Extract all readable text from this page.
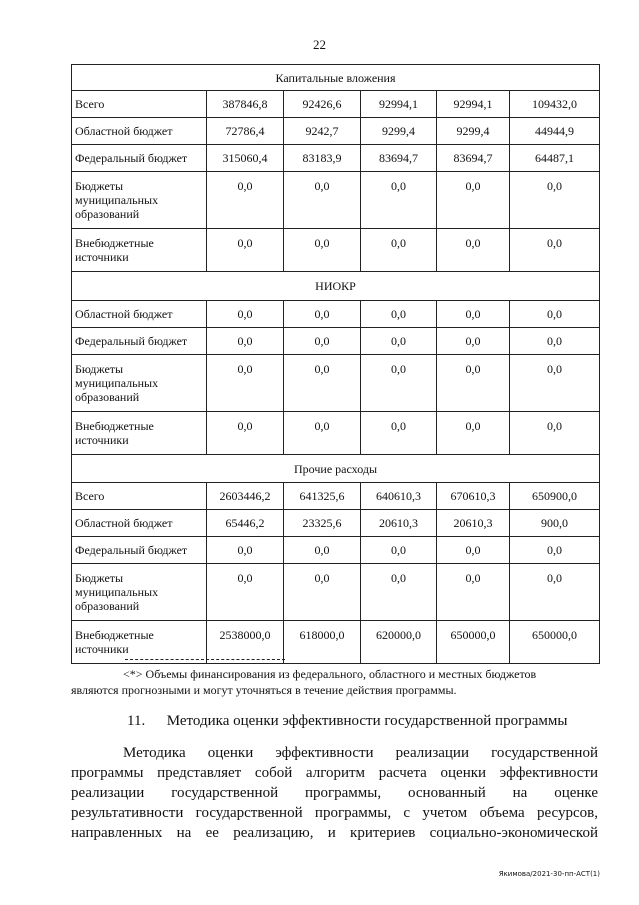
22
Капитальные вложения					
Всего	387846,8	92426,6	92994,1	92994,1	109432,0
Областной бюджет	72786,4	9242,7	9299,4	9299,4	44944,9
Федеральный бюджет	315060,4	83183,9	83694,7	83694,7	64487,1
Бюджеты муниципальных образований	0,0	0,0	0,0	0,0	0,0
Внебюджетные источники	0,0	0,0	0,0	0,0	0,0
НИОКР					
Областной бюджет	0,0	0,0	0,0	0,0	0,0
Федеральный бюджет	0,0	0,0	0,0	0,0	0,0
Бюджеты муниципальных образований	0,0	0,0	0,0	0,0	0,0
Внебюджетные источники	0,0	0,0	0,0	0,0	0,0
Прочие расходы					
Всего	2603446,2	641325,6	640610,3	670610,3	650900,0
Областной бюджет	65446,2	23325,6	20610,3	20610,3	900,0
Федеральный бюджет	0,0	0,0	0,0	0,0	0,0
Бюджеты муниципальных образований	0,0	0,0	0,0	0,0	0,0
Внебюджетные источники	2538000,0	618000,0	620000,0	650000,0	650000,0
<*> Объемы финансирования из федерального, областного и местных бюджетов
являются прогнозными и могут уточняться в течение действия программы.
11. Методика оценки эффективности государственной программы
Методика оценки эффективности реализации государственной
программы представляет собой алгоритм расчета оценки эффективности
реализации государственной программы, основанный на оценке
результативности государственной программы, с учетом объема ресурсов,
направленных на ее реализацию, и критериев социально-экономической
Якимова/2021-30-пп-АСТ(1)
